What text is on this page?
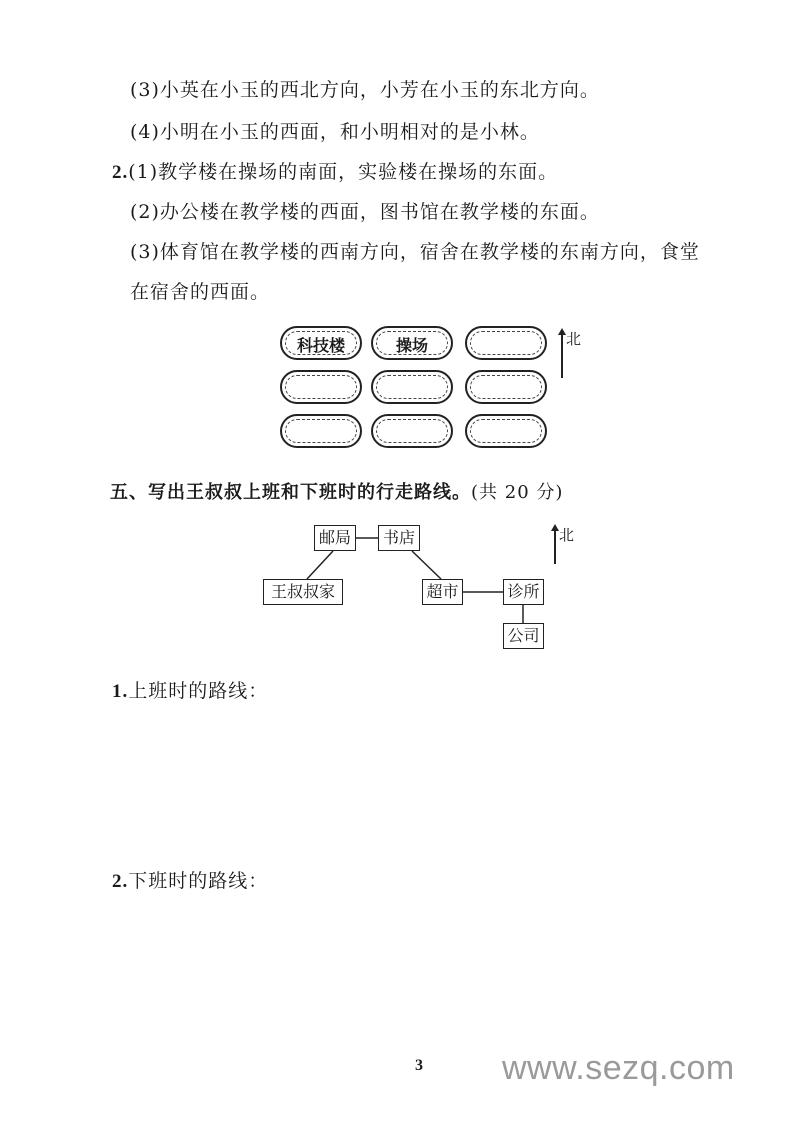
(3)小英在小玉的西北方向，小芳在小玉的东北方向。
(4)小明在小玉的西面，和小明相对的是小林。
2.(1)教学楼在操场的南面，实验楼在操场的东面。
(2)办公楼在教学楼的西面，图书馆在教学楼的东面。
(3)体育馆在教学楼的西南方向，宿舍在教学楼的东南方向，食堂
在宿舍的西面。
科技楼	操场	北
五、写出王叔叔上班和下班时的行走路线。(共 20 分)
邮局	书店
王叔叔家	超市	诊所
公司
北
1.上班时的路线：
2.下班时的路线：
3 www.sezq.com
